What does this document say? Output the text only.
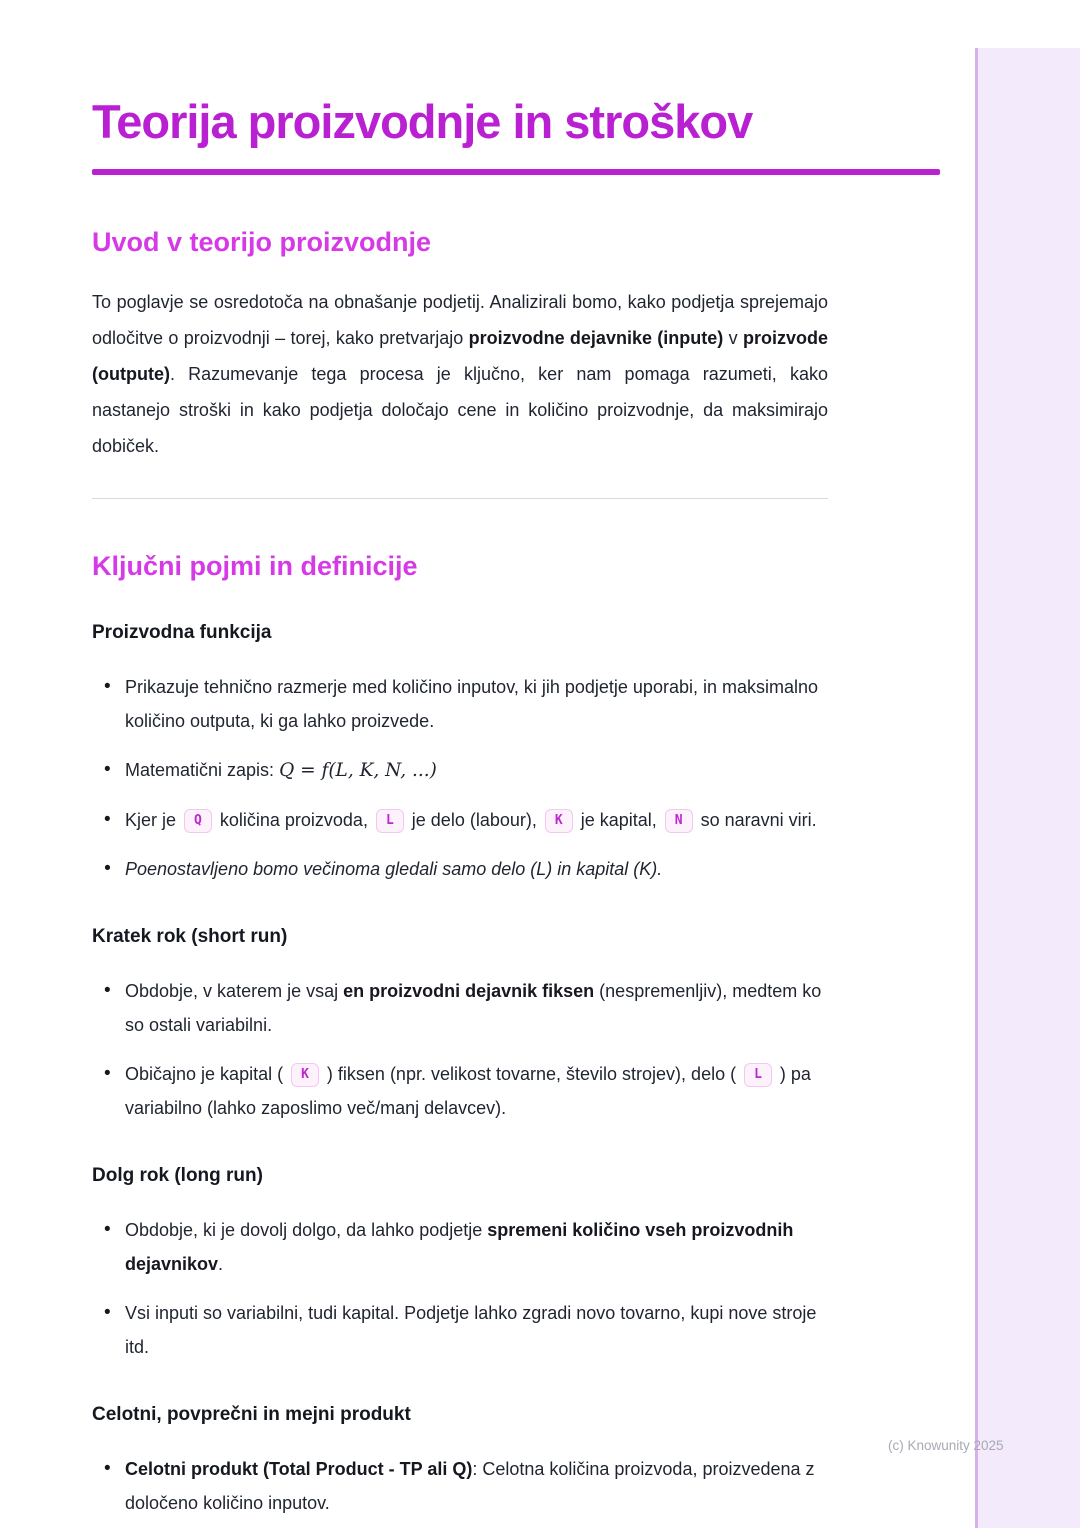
Teorija proizvodnje in stroškov
Uvod v teorijo proizvodnje

To poglavje se osredotoča na obnašanje podjetij. Analizirali bomo, kako podjetja sprejemajo odločitve o proizvodnji – torej, kako pretvarjajo proizvodne dejavnike (inpute) v proizvode (outpute). Razumevanje tega procesa je ključno, ker nam pomaga razumeti, kako nastanejo stroški in kako podjetja določajo cene in količino proizvodnje, da maksimirajo dobiček.

Ključni pojmi in definicije
Proizvodna funkcija
• Prikazuje tehnično razmerje med količino inputov, ki jih podjetje uporabi, in maksimalno količino outputa, ki ga lahko proizvede.
• Matematični zapis: Q = f(L, K, N, ...)
• Kjer je Q količina proizvoda, L je delo (labour), K je kapital, N so naravni viri.
• Poenostavljeno bomo večinoma gledali samo delo (L) in kapital (K).
Kratek rok (short run)
• Obdobje, v katerem je vsaj en proizvodni dejavnik fiksen (nespremenljiv), medtem ko so ostali variabilni.
• Običajno je kapital ( K ) fiksen (npr. velikost tovarne, število strojev), delo ( L ) pa variabilno (lahko zaposlimo več/manj delavcev).
Dolg rok (long run)
• Obdobje, ki je dovolj dolgo, da lahko podjetje spremeni količino vseh proizvodnih dejavnikov.
• Vsi inputi so variabilni, tudi kapital. Podjetje lahko zgradi novo tovarno, kupi nove stroje itd.
Celotni, povprečni in mejni produkt
• Celotni produkt (Total Product - TP ali Q): Celotna količina proizvoda, proizvedena z določeno količino inputov.
(c) Knowunity 2025
